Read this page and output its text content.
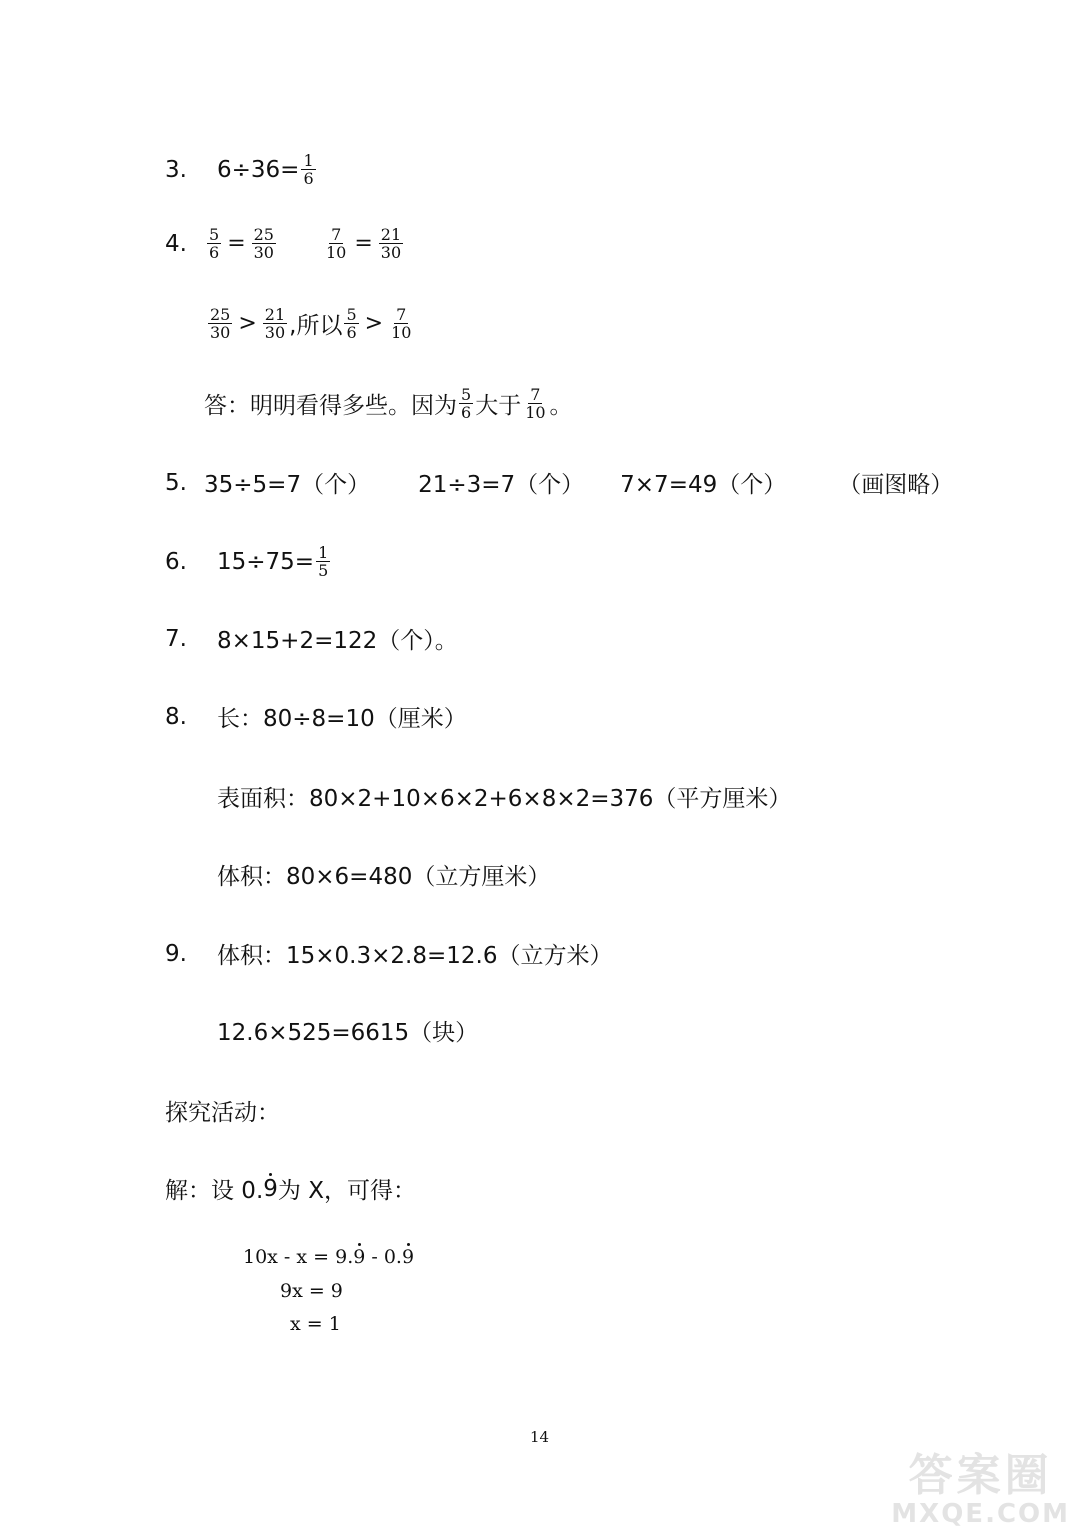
3.	$6\div 36= \frac{1}{6}$
4.	$\frac{5}{6} = \frac{25}{30}$	$\frac{7}{10} = \frac{21}{30}$
$\frac{25}{30} > \frac{21}{30}$ ,所以 $\frac{5}{6} > \frac{7}{10}$
答：明明看得多些。因为 $\frac{5}{6}$ 大于 $\frac{7}{10}$ 。
5. 35÷5=7（个） 21÷3=7（个） 7×7=49（个） （画图略）
6.	$15\div 75= \frac{1}{5}$
7.	8×15+2=122（个）。
8.	长：80÷8=10（厘米）
表面积：80×2+10×6×2+6×8×2=376（平方厘米）
体积：80×6=480（立方厘米）
9.	体积：15×0.3×2.8=12.6（立方米）
12.6×525=6615（块）
探究活动：
解：设 0. 9 为 X，可得：
10x - x = 9.9 - 0.9
9x = 9
x = 1
14
答案圈
MXQE.COM
